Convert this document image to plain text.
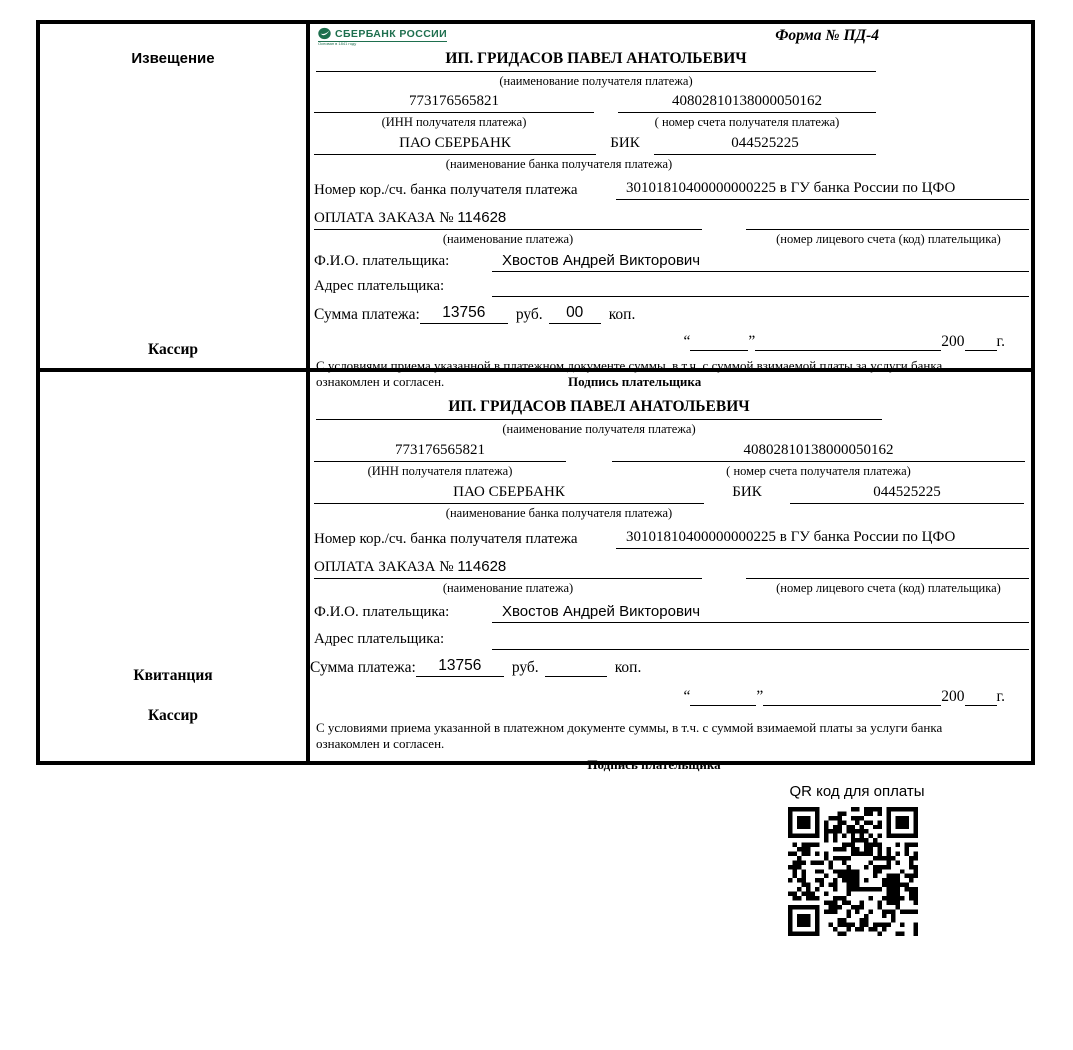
Извещение
Кассир
СБЕРБАНК РОССИИ
Основан в 1841 году	Форма № ПД-4
ИП. ГРИДАСОВ ПАВЕЛ АНАТОЛЬЕВИЧ
(наименование получателя платежа)
773176565821
(ИНН получателя платежа)
40802810138000050162
( номер счета получателя платежа)
ПАО СБЕРБАНК	БИК	044525225
(наименование банка получателя платежа)
Номер кор./сч. банка получателя платежа	30101810400000000225 в ГУ банка России по ЦФО
ОПЛАТА ЗАКАЗА № 114628
(наименование платежа)	(номер лицевого счета (код) плательщика)
Ф.И.О. плательщика:	Хвостов Андрей Викторович
Адрес плательщика:
Сумма платежа:	13756	руб.	00	коп.
“	”	200 г.
С условиями приема указанной в платежном документе суммы, в т.ч. с суммой взимаемой платы за услуги банка
ознакомлен и согласен.	Подпись плательщика
Квитанция
Кассир
ИП. ГРИДАСОВ ПАВЕЛ АНАТОЛЬЕВИЧ
(наименование получателя платежа)
773176565821
(ИНН получателя платежа)
40802810138000050162
( номер счета получателя платежа)
ПАО СБЕРБАНК	БИК	044525225
(наименование банка получателя платежа)
Номер кор./сч. банка получателя платежа	30101810400000000225 в ГУ банка России по ЦФО
ОПЛАТА ЗАКАЗА № 114628
(наименование платежа)	(номер лицевого счета (код) плательщика)
Ф.И.О. плательщика:	Хвостов Андрей Викторович
Адрес плательщика:
Сумма платежа:	13756	руб.	коп.
“	”	200 г.
С условиями приема указанной в платежном документе суммы, в т.ч. с суммой взимаемой платы за услуги банка
ознакомлен и согласен.
Подпись плательщика
QR код для оплаты
